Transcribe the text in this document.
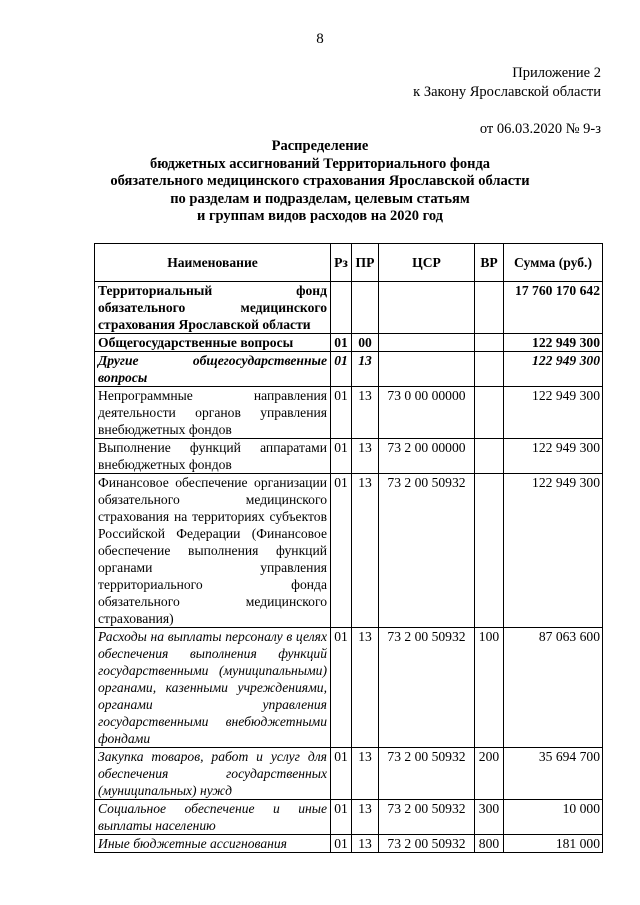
8
Приложение 2
к Закону Ярославской области
от 06.03.2020 № 9-з
Распределение
бюджетных ассигнований Территориального фонда
обязательного медицинского страхования Ярославской области
по разделам и подразделам, целевым статьям
и группам видов расходов на 2020 год
Наименование	Рз	ПР	ЦСР	ВР	Сумма (руб.)
Территориальный фонд обязательного медицинского страхования Ярославской области					17 760 170 642
Общегосударственные вопросы	01	00			122 949 300
Другие общегосударственные вопросы	01	13			122 949 300
Непрограммные направления деятельности органов управления внебюджетных фондов	01	13	73 0 00 00000		122 949 300
Выполнение функций аппаратами внебюджетных фондов	01	13	73 2 00 00000		122 949 300
Финансовое обеспечение организации обязательного медицинского страхования на территориях субъектов Российской Федерации (Финансовое обеспечение выполнения функций органами управления территориального фонда обязательного медицинского страхования)	01	13	73 2 00 50932		122 949 300
Расходы на выплаты персоналу в целях обеспечения выполнения функций государственными (муниципальными) органами, казенными учреждениями, органами управления государственными внебюджетными фондами	01	13	73 2 00 50932	100	87 063 600
Закупка товаров, работ и услуг для обеспечения государственных (муниципальных) нужд	01	13	73 2 00 50932	200	35 694 700
Социальное обеспечение и иные выплаты населению	01	13	73 2 00 50932	300	10 000
Иные бюджетные ассигнования	01	13	73 2 00 50932	800	181 000
